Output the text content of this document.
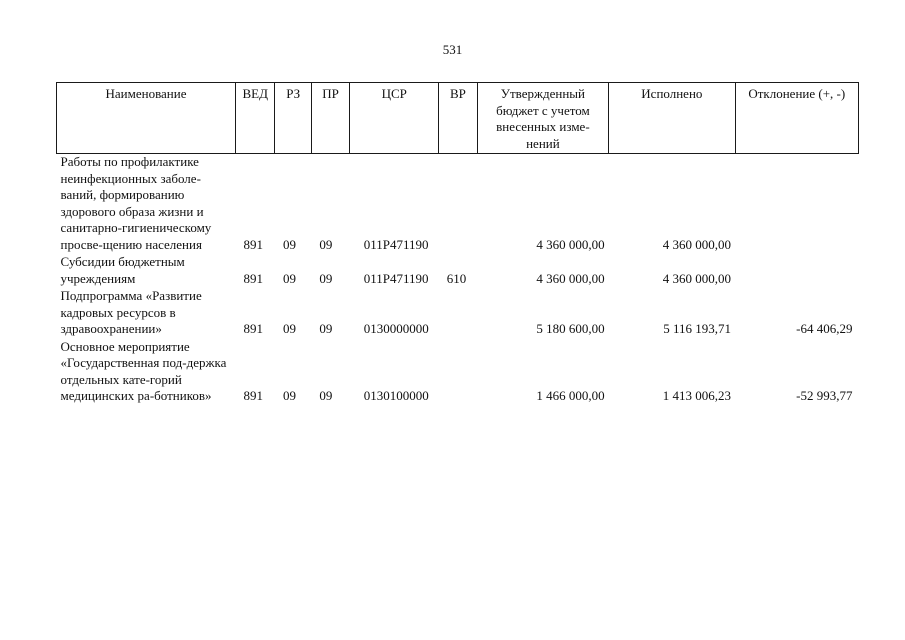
531
Наименование	ВЕД	РЗ	ПР	ЦСР	ВР	Утвержденный бюджет с учетом внесенных изме-нений	Исполнено	Отклонение (+, -)
Работы по профилактике неинфекционных заболе-ваний, формированию здорового образа жизни и санитарно-гигиеническому просве-щению населения	891	09	09	011Р471190		4 360 000,00	4 360 000,00	
Субсидии бюджетным учреждениям	891	09	09	011Р471190	610	4 360 000,00	4 360 000,00	
Подпрограмма «Развитие кадровых ресурсов в здравоохранении»	891	09	09	0130000000		5 180 600,00	5 116 193,71	-64 406,29
Основное мероприятие «Государственная под-держка отдельных кате-горий медицинских ра-ботников»	891	09	09	0130100000		1 466 000,00	1 413 006,23	-52 993,77
